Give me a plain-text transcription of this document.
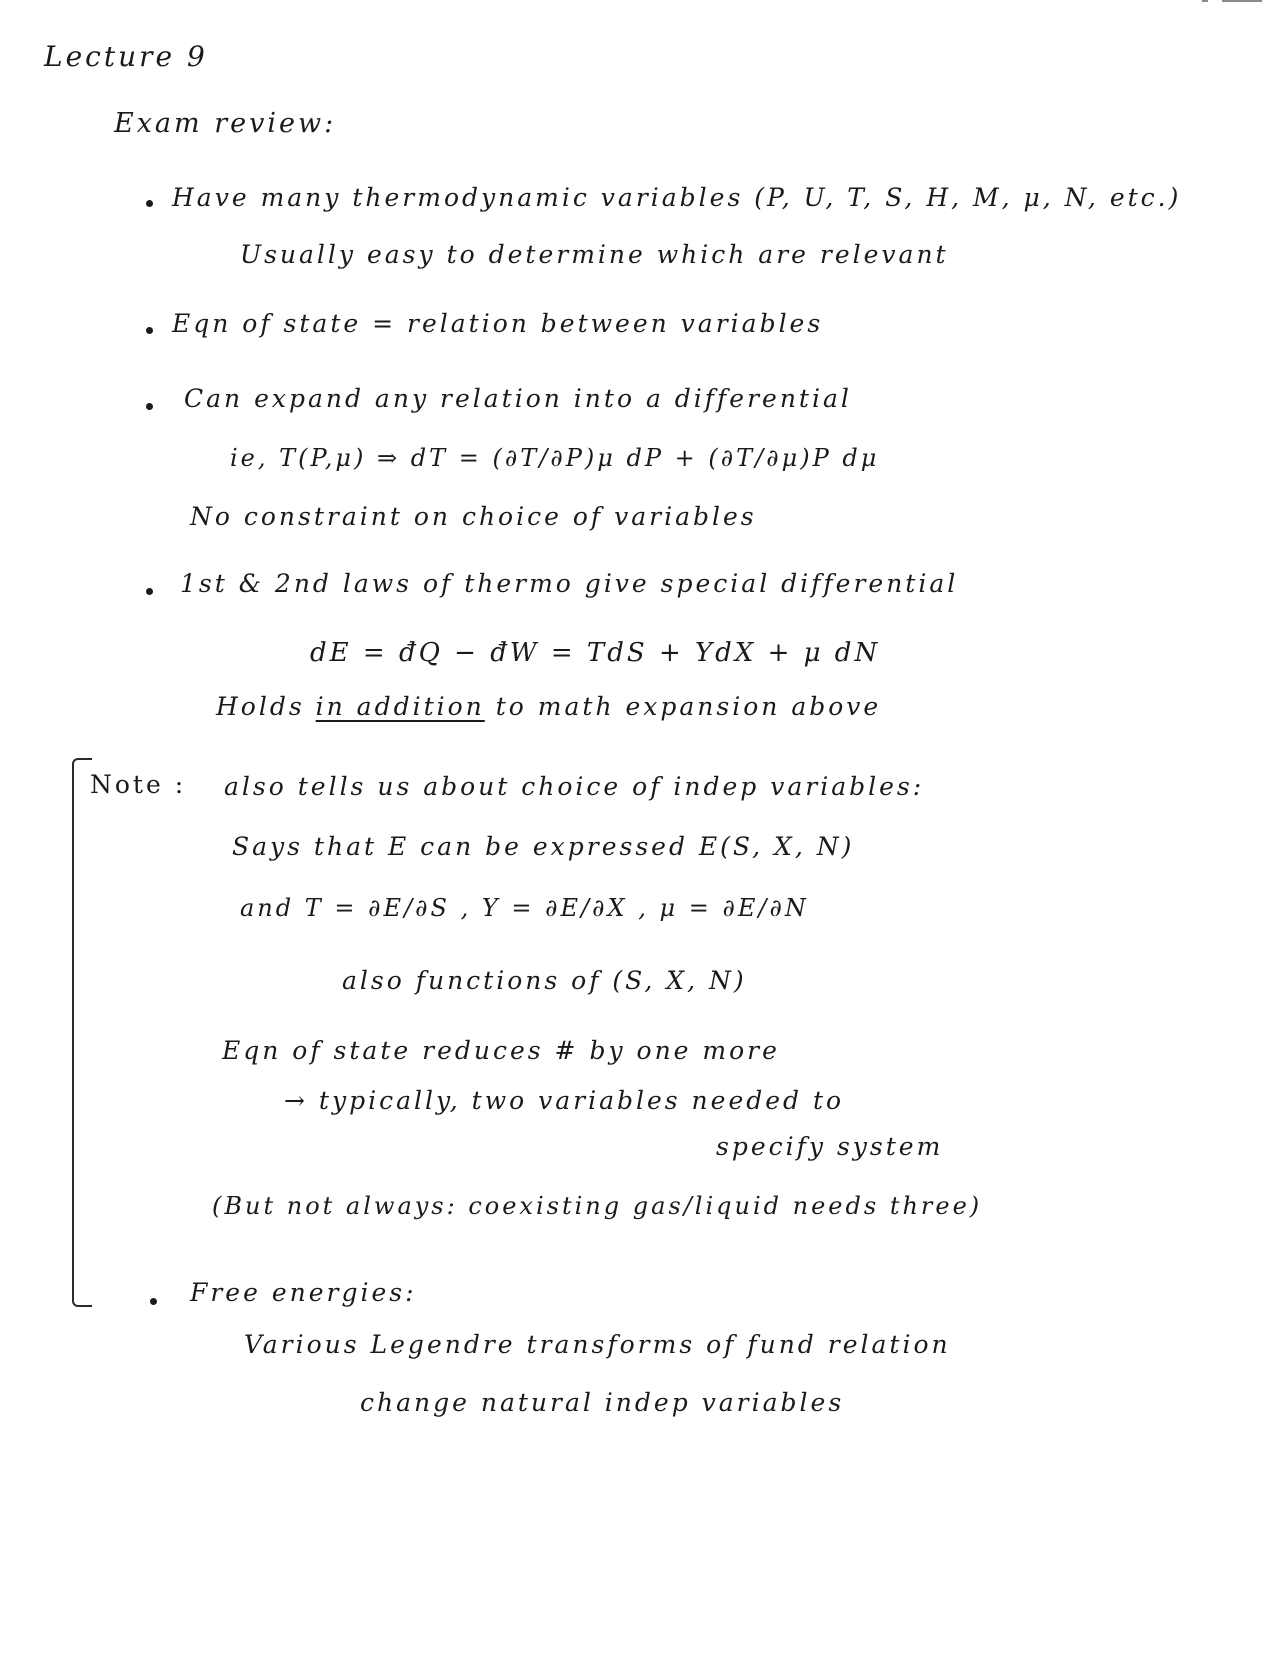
Lecture 9
Exam review:
Have many thermodynamic variables (P, U, T, S, H, M, μ, N, etc.)
Usually easy to determine which are relevant
Eqn of state = relation between variables
Can expand any relation into a differential
ie, T(P,μ) ⇒ dT = (∂T/∂P)μ dP + (∂T/∂μ)P dμ
No constraint on choice of variables
1st & 2nd laws of thermo give special differential
dE = đQ − đW = TdS + YdX + μ dN
Holds in addition to math expansion above
Note : also tells us about choice of indep variables:
Says that E can be expressed E(S, X, N)
and T = ∂E/∂S , Y = ∂E/∂X , μ = ∂E/∂N
also functions of (S, X, N)
Eqn of state reduces # by one more
→ typically, two variables needed to
specify system
(But not always: coexisting gas/liquid needs three)
Free energies:
Various Legendre transforms of fund relation
change natural indep variables
